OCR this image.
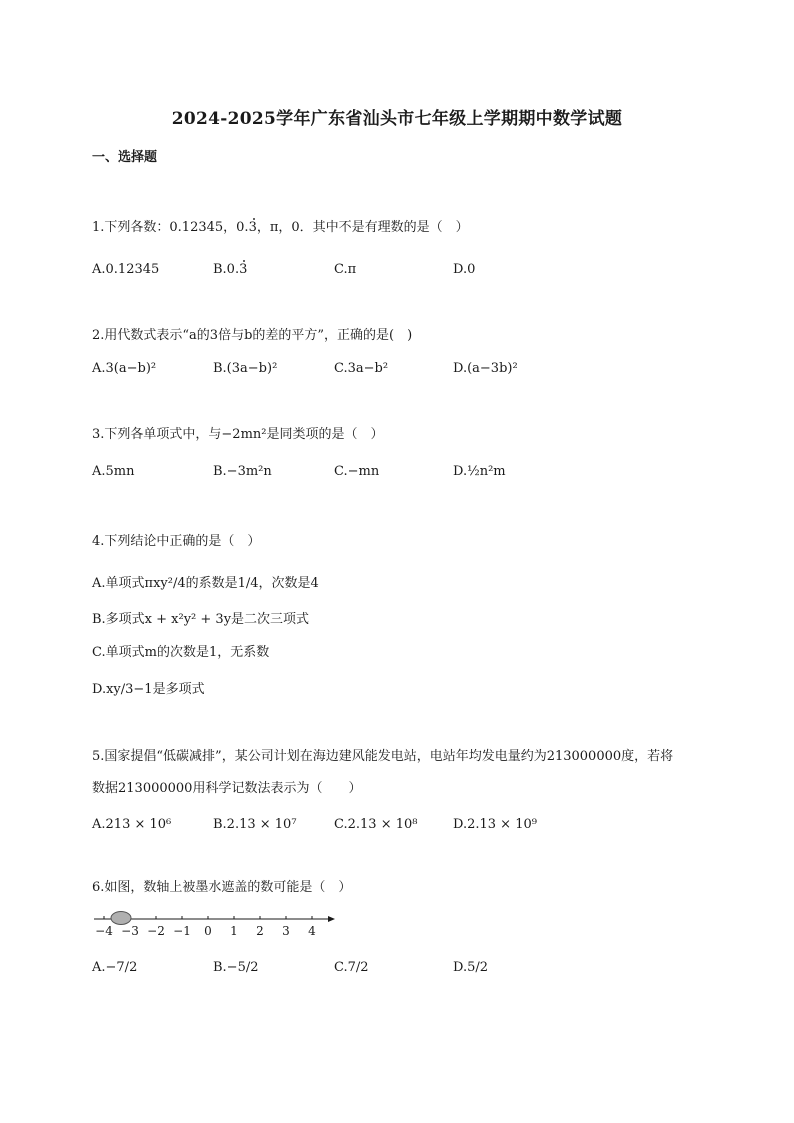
2024-2025学年广东省汕头市七年级上学期期中数学试题
一、选择题
1.下列各数：0.12345，0.3，π，0．其中不是有理数的是（　）
A.0.12345	B.0.3	C.π	D.0
2.用代数式表示“a的3倍与b的差的平方”，正确的是(　)
A.3(a−b)²	B.(3a−b)²	C.3a−b²	D.(a−3b)²
3.下列各单项式中，与−2mn²是同类项的是（　）
A.5mn	B.−3m²n	C.−mn	D.½n²m
4.下列结论中正确的是（　）
A.单项式πxy²/4的系数是1/4，次数是4
B.多项式x + x²y² + 3y是二次三项式
C.单项式m的次数是1，无系数
D.xy/3−1是多项式
5.国家提倡“低碳减排”，某公司计划在海边建风能发电站，电站年均发电量约为213000000度，若将
数据213000000用科学记数法表示为（　　）
A.213 × 10⁶	B.2.13 × 10⁷	C.2.13 × 10⁸	D.2.13 × 10⁹
6.如图，数轴上被墨水遮盖的数可能是（　）
−4 −3 −2 −1 0 1 2 3 4
A.−7/2	B.−5/2	C.7/2	D.5/2
